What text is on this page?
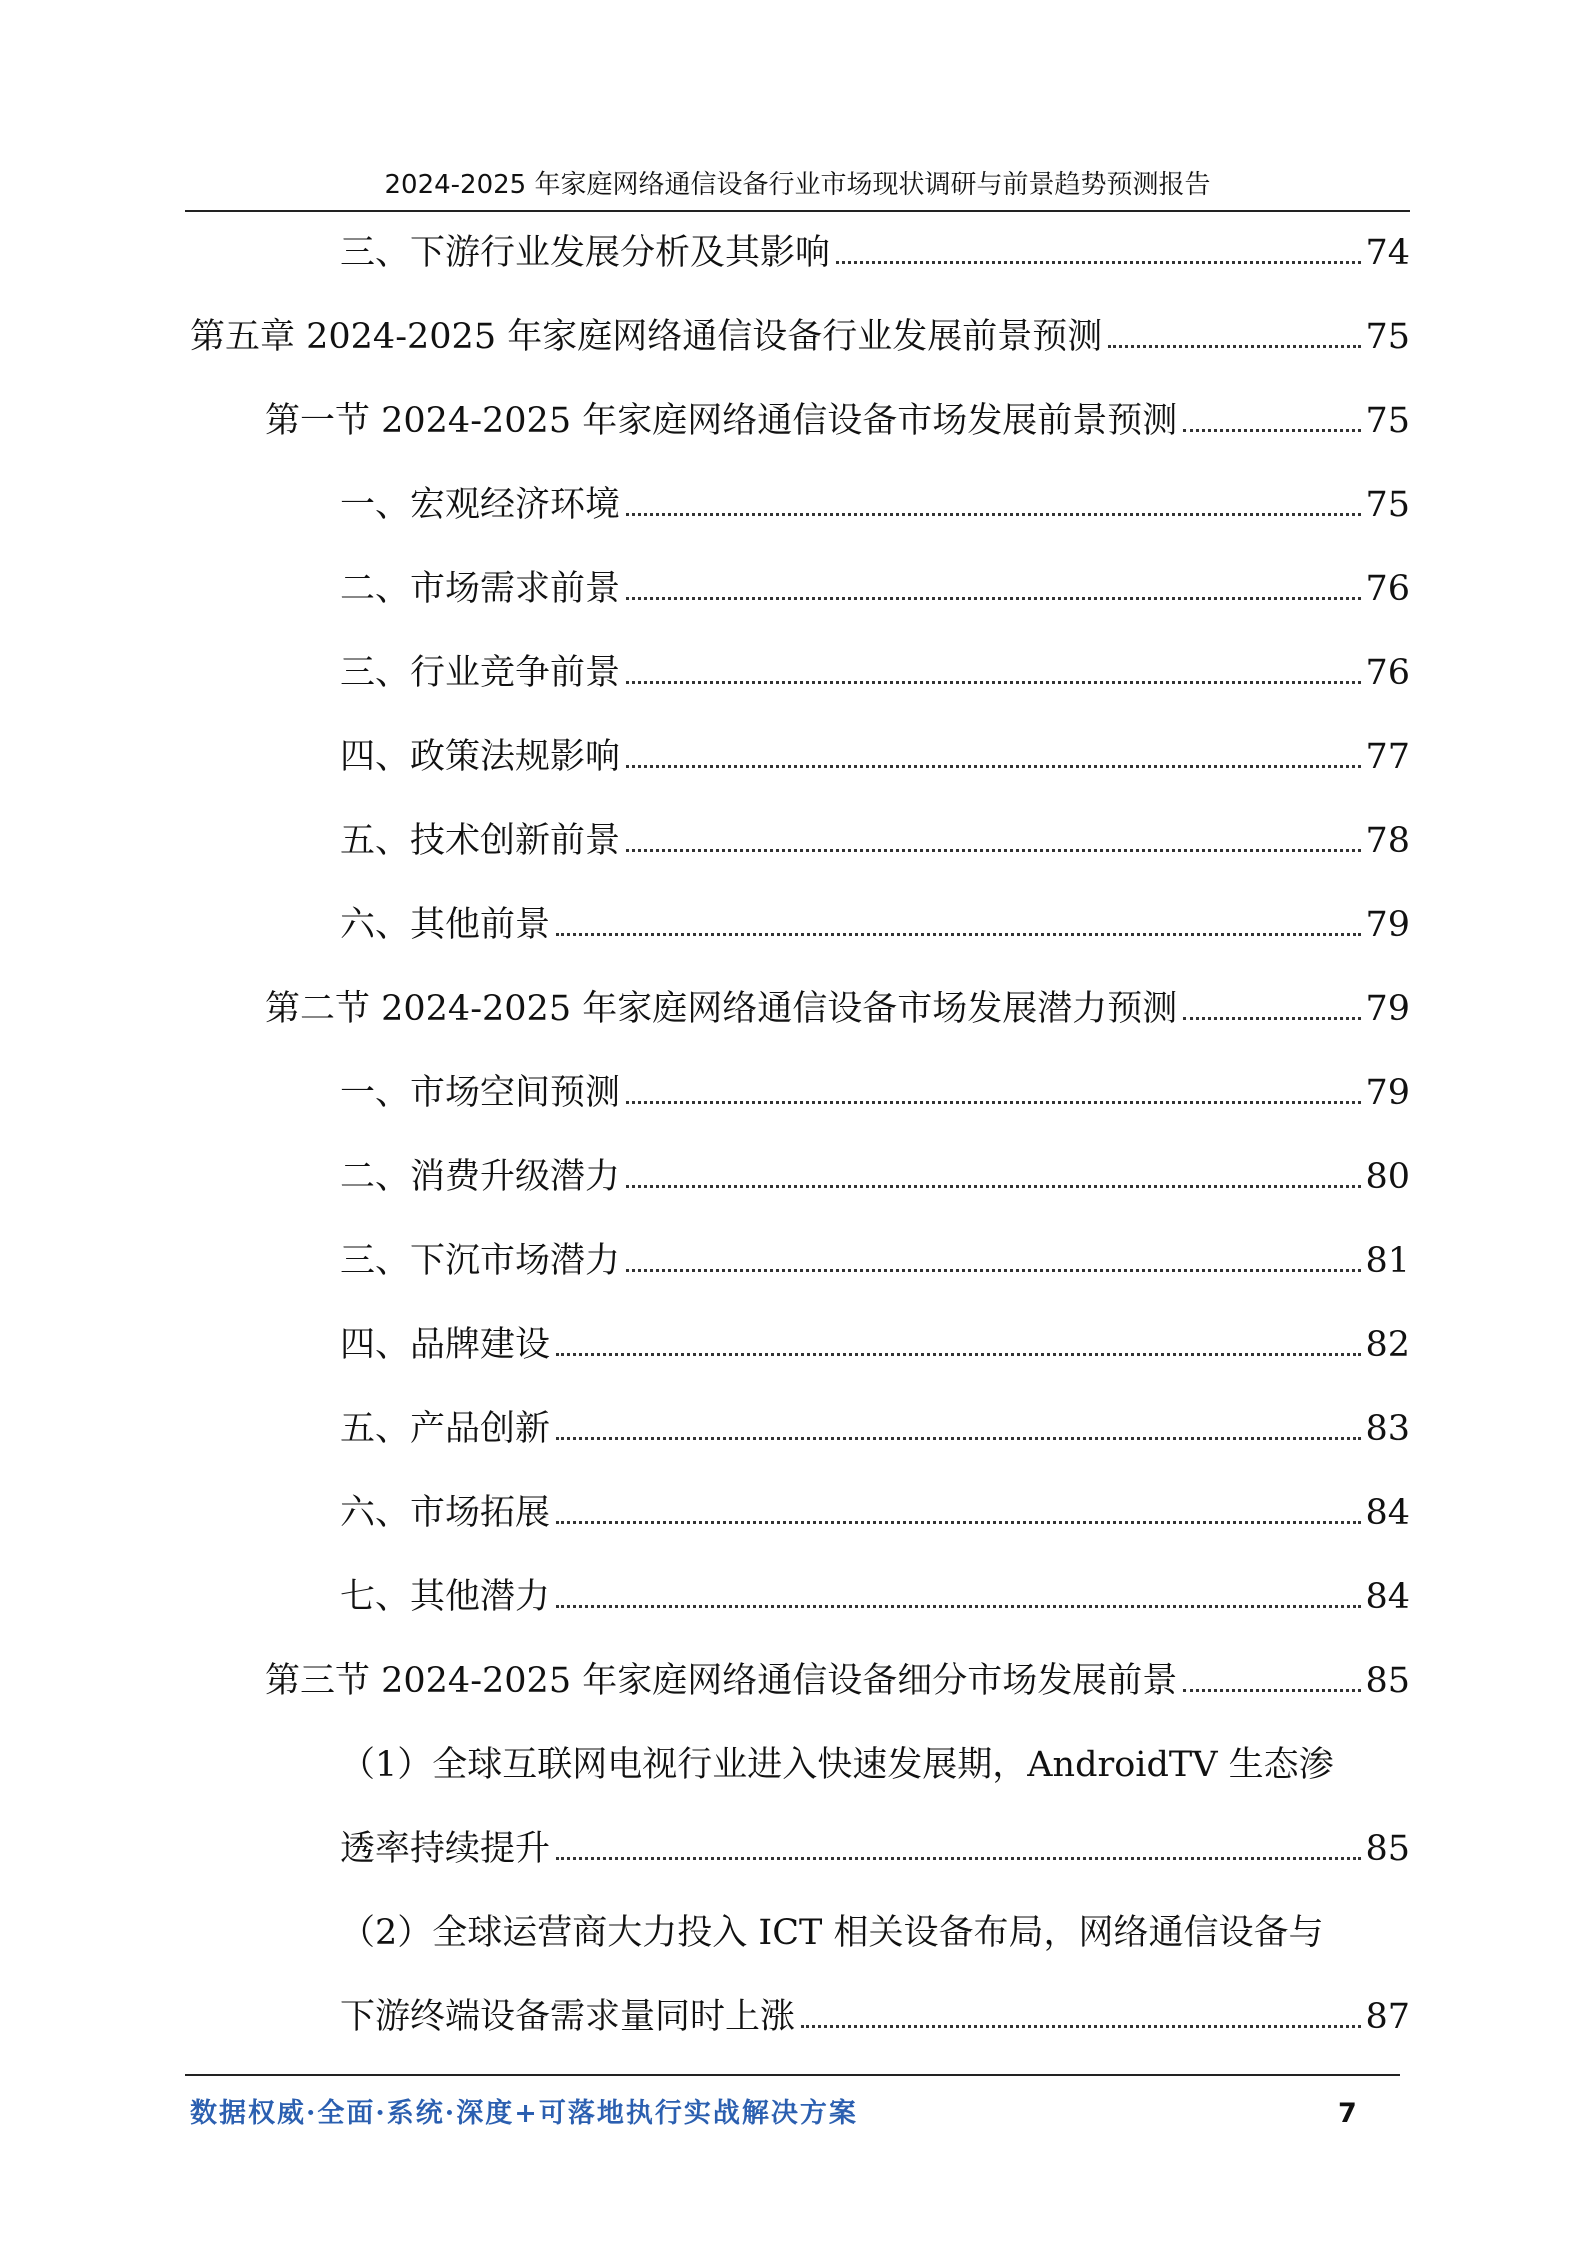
2024-2025 年家庭网络通信设备行业市场现状调研与前景趋势预测报告
三、下游行业发展分析及其影响	74
第五章 2024-2025 年家庭网络通信设备行业发展前景预测	75
第一节 2024-2025 年家庭网络通信设备市场发展前景预测	75
一、宏观经济环境	75
二、市场需求前景	76
三、行业竞争前景	76
四、政策法规影响	77
五、技术创新前景	78
六、其他前景	79
第二节 2024-2025 年家庭网络通信设备市场发展潜力预测	79
一、市场空间预测	79
二、消费升级潜力	80
三、下沉市场潜力	81
四、品牌建设	82
五、产品创新	83
六、市场拓展	84
七、其他潜力	84
第三节 2024-2025 年家庭网络通信设备细分市场发展前景	85
（1）全球互联网电视行业进入快速发展期，AndroidTV 生态渗
透率持续提升	85
（2）全球运营商大力投入 ICT 相关设备布局，网络通信设备与
下游终端设备需求量同时上涨	87
数据权威·全面·系统·深度+可落地执行实战解决方案	7
